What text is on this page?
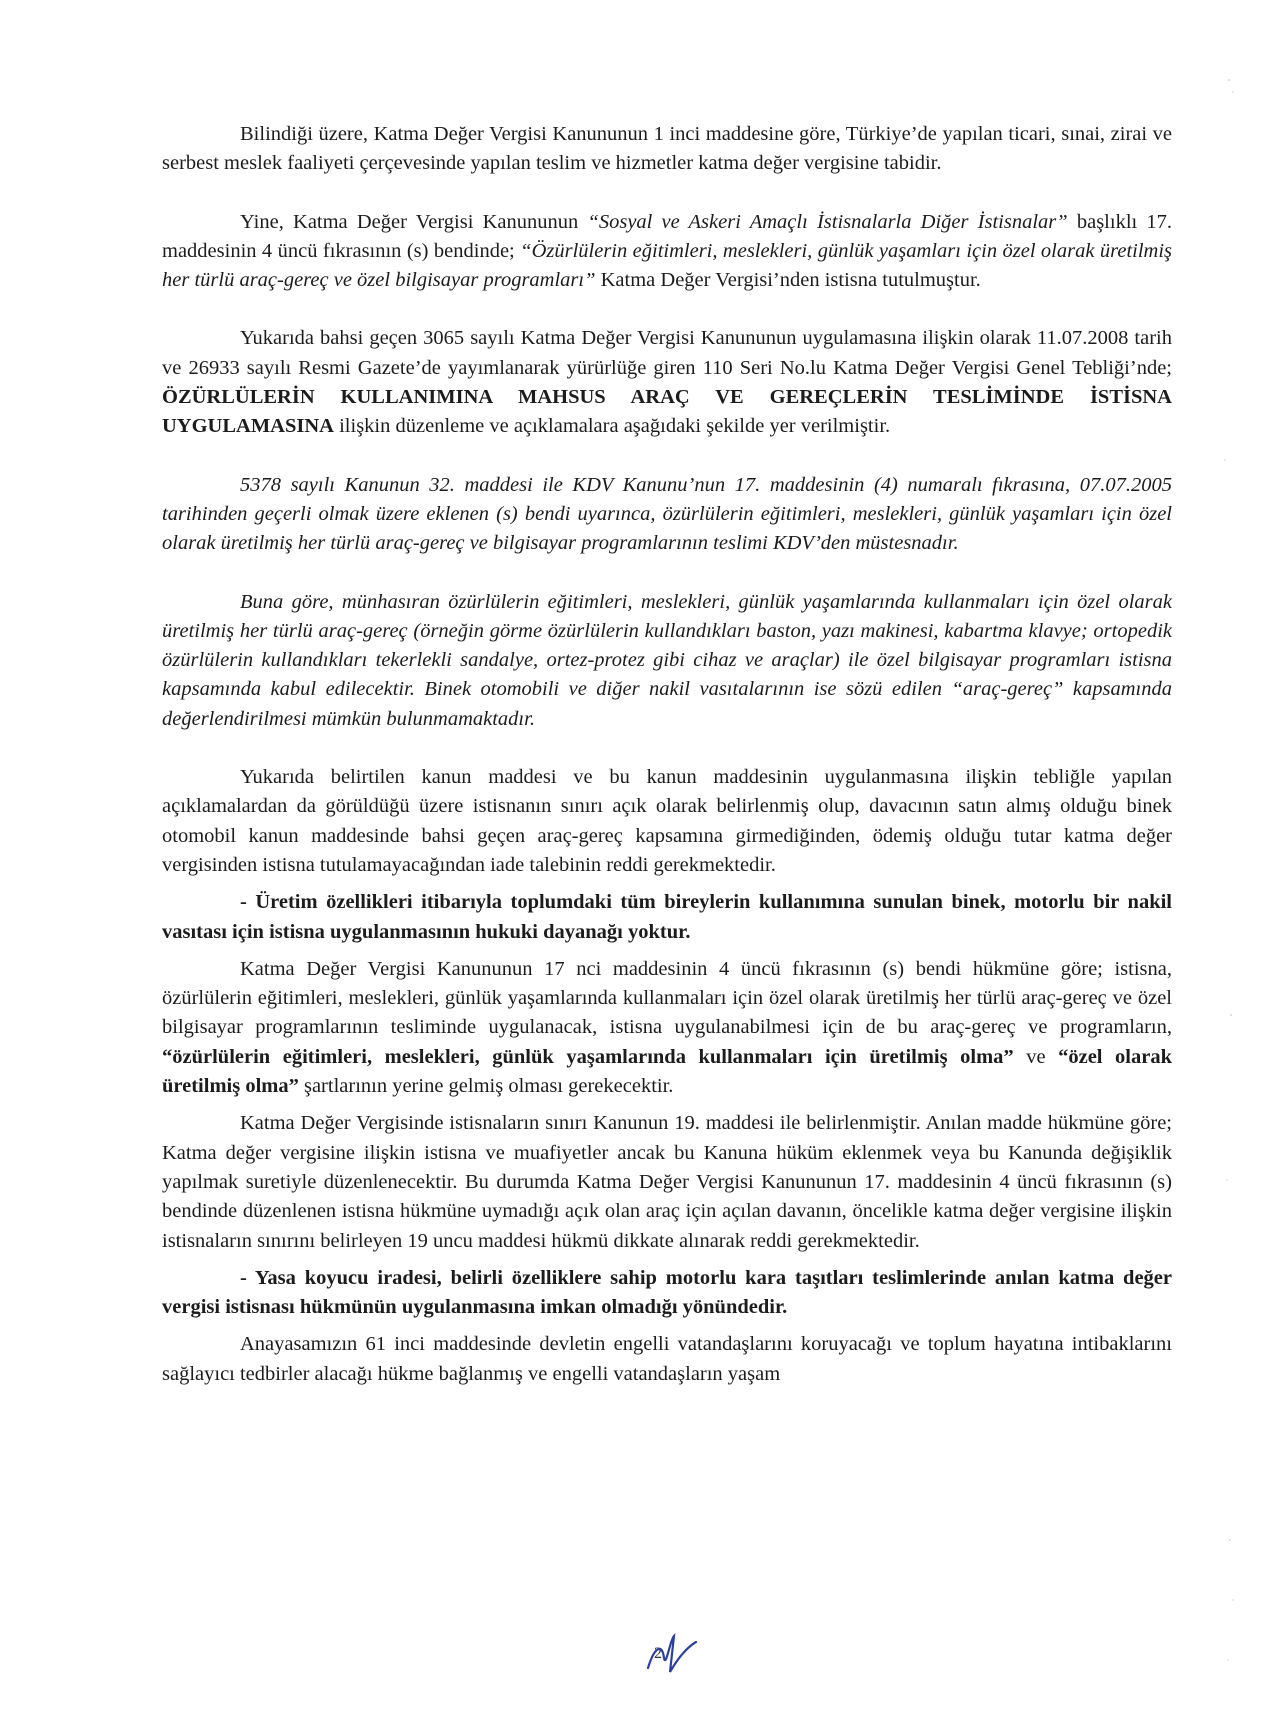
Bilindiği üzere, Katma Değer Vergisi Kanununun 1 inci maddesine göre, Türkiye’de yapılan ticari, sınai, zirai ve serbest meslek faaliyeti çerçevesinde yapılan teslim ve hizmetler katma değer vergisine tabidir.

Yine, Katma Değer Vergisi Kanununun “Sosyal ve Askeri Amaçlı İstisnalarla Diğer İstisnalar” başlıklı 17. maddesinin 4 üncü fıkrasının (s) bendinde; “Özürlülerin eğitimleri, meslekleri, günlük yaşamları için özel olarak üretilmiş her türlü araç-gereç ve özel bilgisayar programları” Katma Değer Vergisi’nden istisna tutulmuştur.

Yukarıda bahsi geçen 3065 sayılı Katma Değer Vergisi Kanununun uygulamasına ilişkin olarak 11.07.2008 tarih ve 26933 sayılı Resmi Gazete’de yayımlanarak yürürlüğe giren 110 Seri No.lu Katma Değer Vergisi Genel Tebliği’nde; ÖZÜRLÜLERİN KULLANIMINA MAHSUS ARAÇ VE GEREÇLERİN TESLİMİNDE İSTİSNA UYGULAMASINA ilişkin düzenleme ve açıklamalara aşağıdaki şekilde yer verilmiştir.

5378 sayılı Kanunun 32. maddesi ile KDV Kanunu’nun 17. maddesinin (4) numaralı fıkrasına, 07.07.2005 tarihinden geçerli olmak üzere eklenen (s) bendi uyarınca, özürlülerin eğitimleri, meslekleri, günlük yaşamları için özel olarak üretilmiş her türlü araç-gereç ve bilgisayar programlarının teslimi KDV’den müstesnadır.

Buna göre, münhasıran özürlülerin eğitimleri, meslekleri, günlük yaşamlarında kullanmaları için özel olarak üretilmiş her türlü araç-gereç (örneğin görme özürlülerin kullandıkları baston, yazı makinesi, kabartma klavye; ortopedik özürlülerin kullandıkları tekerlekli sandalye, ortez-protez gibi cihaz ve araçlar) ile özel bilgisayar programları istisna kapsamında kabul edilecektir. Binek otomobili ve diğer nakil vasıtalarının ise sözü edilen “araç-gereç” kapsamında değerlendirilmesi mümkün bulunmamaktadır.

Yukarıda belirtilen kanun maddesi ve bu kanun maddesinin uygulanmasına ilişkin tebliğle yapılan açıklamalardan da görüldüğü üzere istisnanın sınırı açık olarak belirlenmiş olup, davacının satın almış olduğu binek otomobil kanun maddesinde bahsi geçen araç-gereç kapsamına girmediğinden, ödemiş olduğu tutar katma değer vergisinden istisna tutulamayacağından iade talebinin reddi gerekmektedir.

- Üretim özellikleri itibarıyla toplumdaki tüm bireylerin kullanımına sunulan binek, motorlu bir nakil vasıtası için istisna uygulanmasının hukuki dayanağı yoktur.

Katma Değer Vergisi Kanununun 17 nci maddesinin 4 üncü fıkrasının (s) bendi hükmüne göre; istisna, özürlülerin eğitimleri, meslekleri, günlük yaşamlarında kullanmaları için özel olarak üretilmiş her türlü araç-gereç ve özel bilgisayar programlarının tesliminde uygulanacak, istisna uygulanabilmesi için de bu araç-gereç ve programların, “özürlülerin eğitimleri, meslekleri, günlük yaşamlarında kullanmaları için üretilmiş olma” ve “özel olarak üretilmiş olma” şartlarının yerine gelmiş olması gerekecektir.

Katma Değer Vergisinde istisnaların sınırı Kanunun 19. maddesi ile belirlenmiştir. Anılan madde hükmüne göre; Katma değer vergisine ilişkin istisna ve muafiyetler ancak bu Kanuna hüküm eklenmek veya bu Kanunda değişiklik yapılmak suretiyle düzenlenecektir. Bu durumda Katma Değer Vergisi Kanununun 17. maddesinin 4 üncü fıkrasının (s) bendinde düzenlenen istisna hükmüne uymadığı açık olan araç için açılan davanın, öncelikle katma değer vergisine ilişkin istisnaların sınırını belirleyen 19 uncu maddesi hükmü dikkate alınarak reddi gerekmektedir.

- Yasa koyucu iradesi, belirli özelliklere sahip motorlu kara taşıtları teslimlerinde anılan katma değer vergisi istisnası hükmünün uygulanmasına imkan olmadığı yönündedir.

Anayasamızın 61 inci maddesinde devletin engelli vatandaşlarını koruyacağı ve toplum hayatına intibaklarını sağlayıcı tedbirler alacağı hükme bağlanmış ve engelli vatandaşların yaşam

2
